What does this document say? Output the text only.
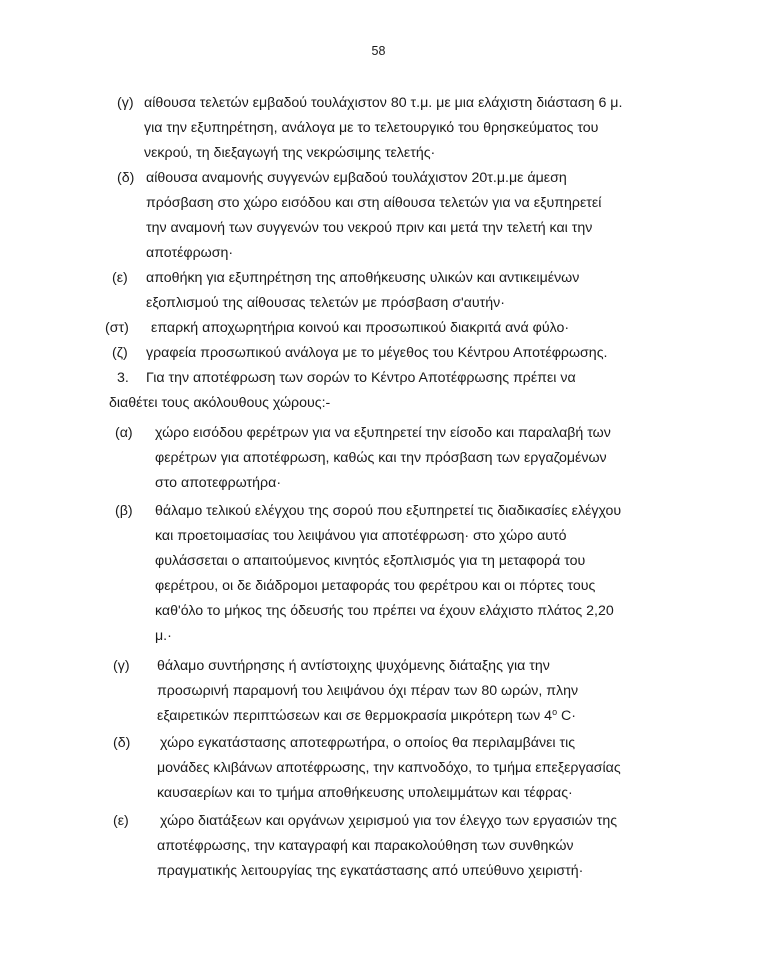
58
(γ) αίθουσα τελετών εμβαδού τουλάχιστον 80 τ.μ. με μια ελάχιστη διάσταση 6 μ.
για την εξυπηρέτηση, ανάλογα με το τελετουργικό του θρησκεύματος του
νεκρού, τη διεξαγωγή της νεκρώσιμης τελετής·
(δ) αίθουσα αναμονής συγγενών εμβαδού τουλάχιστον 20τ.μ.με άμεση
πρόσβαση στο χώρο εισόδου και στη αίθουσα τελετών για να εξυπηρετεί
την αναμονή των συγγενών του νεκρού πριν και μετά την τελετή και την
αποτέφρωση·
(ε) αποθήκη για εξυπηρέτηση της αποθήκευσης υλικών και αντικειμένων
εξοπλισμού της αίθουσας τελετών με πρόσβαση σ'αυτήν·
(στ) επαρκή αποχωρητήρια κοινού και προσωπικού διακριτά ανά φύλο·
(ζ) γραφεία προσωπικού ανάλογα με το μέγεθος του Κέντρου Αποτέφρωσης.
3. Για την αποτέφρωση των σορών το Κέντρο Αποτέφρωσης πρέπει να
διαθέτει τους ακόλουθους χώρους:-
(α) χώρο εισόδου φερέτρων για να εξυπηρετεί την είσοδο και παραλαβή των
φερέτρων για αποτέφρωση, καθώς και την πρόσβαση των εργαζομένων
στο αποτεφρωτήρα·
(β) θάλαμο τελικού ελέγχου της σορού που εξυπηρετεί τις διαδικασίες ελέγχου
και προετοιμασίας του λειψάνου για αποτέφρωση· στο χώρο αυτό
φυλάσσεται ο απαιτούμενος κινητός εξοπλισμός για τη μεταφορά του
φερέτρου, οι δε διάδρομοι μεταφοράς του φερέτρου και οι πόρτες τους
καθ'όλο το μήκος της όδευσής του πρέπει να έχουν ελάχιστο πλάτος 2,20
μ.·
(γ) θάλαμο συντήρησης ή αντίστοιχης ψυχόμενης διάταξης για την
προσωρινή παραμονή του λειψάνου όχι πέραν των 80 ωρών, πλην
εξαιρετικών περιπτώσεων και σε θερμοκρασία μικρότερη των 4$^o$ C·
(δ) χώρο εγκατάστασης αποτεφρωτήρα, ο οποίος θα περιλαμβάνει τις
μονάδες κλιβάνων αποτέφρωσης, την καπνοδόχο, το τμήμα επεξεργασίας
καυσαερίων και το τμήμα αποθήκευσης υπολειμμάτων και τέφρας·
(ε) χώρο διατάξεων και οργάνων χειρισμού για τον έλεγχο των εργασιών της
αποτέφρωσης, την καταγραφή και παρακολούθηση των συνθηκών
πραγματικής λειτουργίας της εγκατάστασης από υπεύθυνο χειριστή·
